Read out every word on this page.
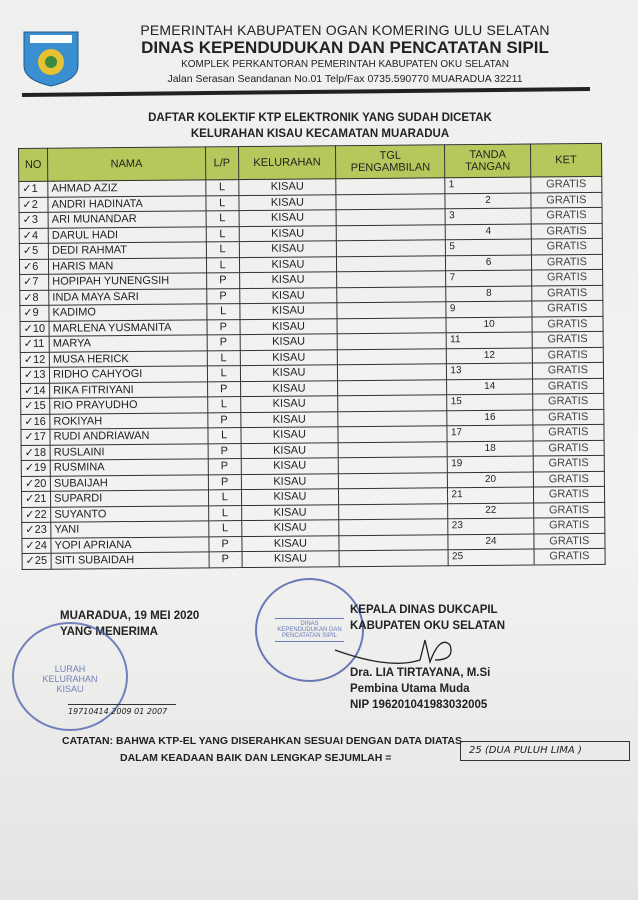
PEMERINTAH KABUPATEN OGAN KOMERING ULU SELATAN
DINAS KEPENDUDUKAN DAN PENCATATAN SIPIL
KOMPLEK PERKANTORAN PEMERINTAH KABUPATEN OKU SELATAN
Jalan Serasan Seandanan No.01 Telp/Fax 0735.590770 MUARADUA 32211
DAFTAR KOLEKTIF KTP ELEKTRONIK YANG SUDAH DICETAK
KELURAHAN KISAU KECAMATAN MUARADUA
NO	NAMA	L/P	KELURAHAN	TGL PENGAMBILAN	TANDA TANGAN	KET
✓1	AHMAD AZIZ	L	KISAU		1	GRATIS
✓2	ANDRI HADINATA	L	KISAU		2	GRATIS
✓3	ARI MUNANDAR	L	KISAU		3	GRATIS
✓4	DARUL HADI	L	KISAU		4	GRATIS
✓5	DEDI RAHMAT	L	KISAU		5	GRATIS
✓6	HARIS MAN	L	KISAU		6	GRATIS
✓7	HOPIPAH YUNENGSIH	P	KISAU		7	GRATIS
✓8	INDA MAYA SARI	P	KISAU		8	GRATIS
✓9	KADIMO	L	KISAU		9	GRATIS
✓10	MARLENA YUSMANITA	P	KISAU		10	GRATIS
✓11	MARYA	P	KISAU		11	GRATIS
✓12	MUSA HERICK	L	KISAU		12	GRATIS
✓13	RIDHO CAHYOGI	L	KISAU		13	GRATIS
✓14	RIKA FITRIYANI	P	KISAU		14	GRATIS
✓15	RIO PRAYUDHO	L	KISAU		15	GRATIS
✓16	ROKIYAH	P	KISAU		16	GRATIS
✓17	RUDI ANDRIAWAN	L	KISAU		17	GRATIS
✓18	RUSLAINI	P	KISAU		18	GRATIS
✓19	RUSMINA	P	KISAU		19	GRATIS
✓20	SUBAIJAH	P	KISAU		20	GRATIS
✓21	SUPARDI	L	KISAU		21	GRATIS
✓22	SUYANTO	L	KISAU		22	GRATIS
✓23	YANI	L	KISAU		23	GRATIS
✓24	YOPI APRIANA	P	KISAU		24	GRATIS
✓25	SITI SUBAIDAH	P	KISAU		25	GRATIS
MUARADUA, 19 MEI 2020
YANG MENERIMA
LURAH KELURAHAN KISAU
19710414 2009 01 2007
DINAS KEPENDUDUKAN DAN PENCATATAN SIPIL
KEPALA DINAS DUKCAPIL
KABUPATEN OKU SELATAN
Dra. LIA TIRTAYANA, M.Si
Pembina Utama Muda
NIP 196201041983032005
CATATAN: BAHWA KTP-EL YANG DISERAHKAN SESUAI DENGAN DATA DIATAS
DALAM KEADAAN BAIK DAN LENGKAP SEJUMLAH =
25 (DUA PULUH LIMA )
